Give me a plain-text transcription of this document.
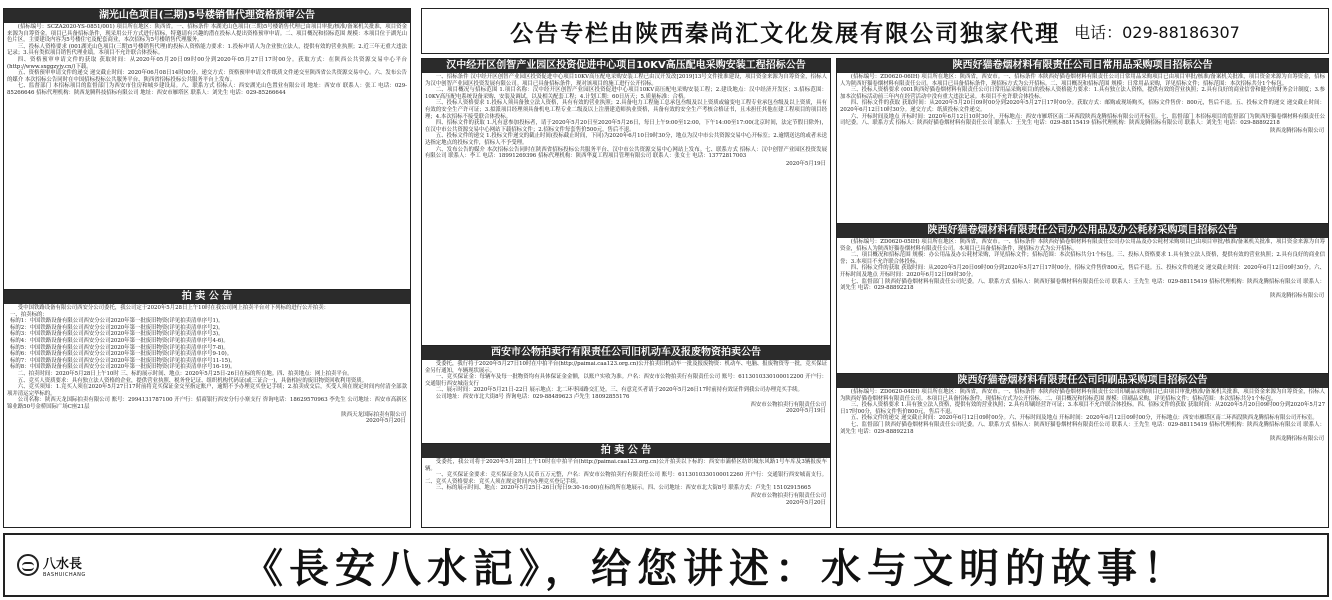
湖光山色项目(三期)5号楼销售代理资格预审公告

(招标编号：SCZA2020-YS-0851/001) 项目所在地区：陕西省。一、招标条件 本湖光山色项目(三期)5号楼销售代理已由项目审批/核准/备案机关批准，项目资金来源为自筹资金。项目已具备招标条件，现采用公开方式进行招标，特邀请有兴趣的潜在投标人提出资格预审申请。二、项目概况和招标范围 规模：本项目位于湖光山色片区，主要建设内容为5号楼住宅及配套商业，本次招标为5号楼销售代理服务。

三、投标人资格要求 (001湖光山色项目(三期)5号楼销售代理)的投标人资格能力要求：1.投标申请人为企业独立法人，提供有效的营业执照；2.近三年无重大违法记录；3.具有类似项目销售代理业绩。本项目不允许联合体投标。

四、资格预审申请文件的获取 获取时间：从2020年05月20日09时00分到2020年05月27日17时00分。获取方式：在陕西公共资源交易中心平台(http://www.sxggzyjy.cn/)下载。

五、资格预审申请文件的递交 递交截止时间：2020年06月08日14时00分。递交方式：资格预审申请文件纸质文件递交至陕西省公共资源交易中心。六、发布公告的媒介 本次招标公告同时在中国招标投标公共服务平台、陕西省招标投标公共服务平台上发布。

七、监督部门 本招标项目的监督部门为西安市住房和城乡建设局。八、联系方式 招标人：西安湖光山色置业有限公司 地址：西安市 联系人：张工 电话：029-85266646 招标代理机构：陕西龙腾科技招标有限公司 地址：西安市雁塔区 联系人：刘先生 电话：029-85266644

拍 卖 公 告

受中国铁路设备有限公司西安分公司委托，我公司定于2020年5月28日上午10时在我公司网上拍卖平台对下列标的进行公开拍卖：

一、拍卖标的：
标的1：中国铁路设备有限公司西安分公司2020年第一批废旧物资(详见拍卖清单序号1)。
标的2：中国铁路设备有限公司西安分公司2020年第一批废旧物资(详见拍卖清单序号2)。
标的3：中国铁路设备有限公司西安分公司2020年第一批废旧物资(详见拍卖清单序号3)。
标的4：中国铁路设备有限公司西安分公司2020年第一批废旧物资(详见拍卖清单序号4-6)。
标的5：中国铁路设备有限公司西安分公司2020年第一批废旧物资(详见拍卖清单序号7-8)。
标的6：中国铁路设备有限公司西安分公司2020年第一批废旧物资(详见拍卖清单序号9-10)。
标的7：中国铁路设备有限公司西安分公司2020年第一批废旧物资(详见拍卖清单序号11-15)。
标的8：中国铁路设备有限公司西安分公司2020年第一批废旧物资(详见拍卖清单序号16-19)。

二、拍卖时间：2020年5月28日上午10时 三、标的展示时间、地点：2020年5月25日-26日在标的所在地。四、拍卖地点：网上拍卖平台。

五、竞买人资质要求：具有独立法人资格的企业，提供营业执照、税务登记证、组织机构代码证(或三证合一)，具备相应的废旧物资回收利用资质。

六、竞买须知：1.竞买人须在2020年5月27日17时前将竞买保证金交至指定账户，逾期不予办理竞买登记手续；2.拍卖成交后，买受人须在规定时间内付清全部款项并清运完毕标的。

公司名称：陕西天龙国际拍卖有限公司 账号：2994131787100 开户行：招商银行西安分行小寨支行 咨询电话：18629570963 李先生 公司地址：西安市高新区锦业路50号金桥国际广场C座21层

陕西天龙国际拍卖有限公司
2020年5月20日
公告专栏由陕西秦尚汇文化发展有限公司独家代理 电话：029-88186307
汉中经开区创智产业园区投资促进中心项目10KV高压配电采购安装工程招标公告

一、招标条件 汉中经开区创智产业园区投资促进中心项目10KV高压配电采购安装工程已由汉开发改[2019]13号文件批准建设，项目资金来源为自筹资金，招标人为汉中创智产业园区投资发展有限公司。项目已具备招标条件，现对该项目的施工进行公开招标。

二、项目概况与招标范围 1.项目名称：汉中经开区创智产业园区投资促进中心项目10KV高压配电采购安装工程；2.建设地点：汉中经济开发区；3.招标范围：10KV高压配电系统设备采购、安装及调试，以及相关配套工程；4.计划工期：60日历天；5.质量标准：合格。

三、投标人资格要求 1.投标人须具备独立法人资格，具有有效的营业执照；2.具备电力工程施工总承包叁级及以上资质或输变电工程专业承包叁级及以上资质，具有有效的安全生产许可证；3.拟派项目经理须具备机电工程专业二级及以上注册建造师执业资格，具备有效的安全生产考核合格证书，且未担任其他在建工程项目的项目经理；4.本次招标不接受联合体投标。

四、招标文件的获取 1.凡有意参加投标者，请于2020年5月20日至2020年5月26日，每日上午9:00至12:00，下午14:00至17:00(北京时间，法定节假日除外)，在汉中市公共资源交易中心网站下载招标文件；2.招标文件每套售价500元，售后不退。

五、投标文件的递交 1.投标文件递交的截止时间(投标截止时间，下同)为2020年6月10日9时30分，地点为汉中市公共资源交易中心开标室；2.逾期送达的或者未送达指定地点的投标文件，招标人不予受理。

六、发布公告的媒介 本次招标公告同时在陕西省招标投标公共服务平台、汉中市公共资源交易中心网站上发布。七、联系方式 招标人：汉中创智产业园区投资发展有限公司 联系人：李工 电话：18991269396 招标代理机构：陕西华夏工程项目管理有限公司 联系人：张女士 电话：13772817003

2020年5月19日
西安市公物拍卖行有限责任公司旧机动车及报废物资拍卖公告

受委托，我行将于2020年5月27日10时在中拍平台(http://paimai.caa123.org.cn)公开拍卖旧机动车一批及报废物资：机动车、电脑、报废物资等一批，竞买保证金另行通知，车辆现状展示。

一、竞买保证金：每辆车及每一批物资均有具体保证金金额，以账户实收为准。户名：西安市公物拍卖行有限责任公司 账号：6113010330100012200 开户行：交通银行西安城南支行

二、展示时间：2020年5月21日-22日 展示地点：北二环枣园路交汇处。三、有意竞买者请于2020年5月26日17时前持有效证件到我公司办理竞买手续。

公司地址：西安市北大街8号 咨询电话：029-88489623 卢先生 18092855176

西安市公物拍卖行有限责任公司
2020年5月19日
拍 卖 公 告

受委托，我公司将于2020年5月28日上午10时在中拍平台(http://paimai.caa123.org.cn)公开拍卖以下标的：西安市灞桥区纺织城东风路1号车库及3辆报废车辆。

一、竞买保证金要求：竞买保证金为人民币五万元整，户名：西安市公物拍卖行有限责任公司 账号：6113010330100012260 开户行：交通银行西安城南支行。二、竞买人资格要求：竞买人须在规定时间内办理竞买登记手续。

三、标的展示时间、地点：2020年5月25日-26日(每日9:30-16:00)在标的所在地展示。四、公司地址：西安市北大街8号 联系方式：卢先生 15102915665

西安市公物拍卖行有限责任公司
2020年5月20日
陕西好猫卷烟材料有限责任公司日常用品采购项目招标公告

(招标编号：ZD0620-06IH) 项目所在地区：陕西省，西安市。一、招标条件 本陕西好猫卷烟材料有限责任公司日常用品采购项目已由项目审批/核准/备案机关批准，项目资金来源为自筹资金，招标人为陕西好猫卷烟材料有限责任公司。本项目已具备招标条件，现招标方式为公开招标。二、项目概况和招标范围 规模：日常用品采购，详见招标文件；招标范围：本次招标共分1个标包。

三、投标人资格要求 (001陕西好猫卷烟材料有限责任公司日常用品采购项目)的投标人资格能力要求：1.具有独立法人资格，提供有效的营业执照；2.具有良好的商业信誉和健全的财务会计制度；3.参加本次招标活动前三年内在经营活动中没有重大违法记录。本项目不允许联合体投标。

四、招标文件的获取 获取时间：从2020年5月20日09时00分到2020年5月27日17时00分。获取方式：邮购或现场购买，招标文件售价：800元，售后不退。五、投标文件的递交 递交截止时间：2020年6月12日10时30分。递交方式：纸质投标文件递交。

六、开标时间及地点 开标时间：2020年6月12日10时30分，开标地点：西安市雁塔区南二环西段陕西龙腾招标有限公司开标室。七、监督部门 本招标项目的监督部门为陕西好猫卷烟材料有限责任公司纪委。八、联系方式 招标人：陕西好猫卷烟材料有限责任公司 联系人：王先生 电话：029-88115419 招标代理机构：陕西龙腾招标有限公司 联系人：刘先生 电话：029-88892218

陕西龙腾招标有限公司
陕西好猫卷烟材料有限责任公司办公用品及办公耗材采购项目招标公告

(招标编号：ZD0620-05IH) 项目所在地区：陕西省，西安市。一、招标条件 本陕西好猫卷烟材料有限责任公司办公用品及办公耗材采购项目已由项目审批/核准/备案机关批准，项目资金来源为自筹资金，招标人为陕西好猫卷烟材料有限责任公司。本项目已具备招标条件，现招标方式为公开招标。

二、项目概况和招标范围 规模：办公用品及办公耗材采购，详见招标文件；招标范围：本次招标共分1个标包。三、投标人资格要求 1.具有独立法人资格，提供有效的营业执照；2.具有良好的商业信誉；3.本项目不允许联合体投标。

四、招标文件的获取 获取时间：从2020年5月20日09时00分到2020年5月27日17时00分，招标文件售价800元，售后不退。五、投标文件的递交 递交截止时间：2020年6月12日09时30分。六、开标时间及地点 开标时间：2020年6月12日09时30分。

七、监督部门 陕西好猫卷烟材料有限责任公司纪委。八、联系方式 招标人：陕西好猫卷烟材料有限责任公司 联系人：王先生 电话：029-88115419 招标代理机构：陕西龙腾招标有限公司 联系人：刘先生 电话：029-88892218

陕西龙腾招标有限公司
陕西好猫卷烟材料有限责任公司印刷品采购项目招标公告

(招标编号：ZD0620-04IH) 项目所在地区：陕西省，西安市。一、招标条件 本陕西好猫卷烟材料有限责任公司印刷品采购项目已由项目审批/核准/备案机关批准，项目资金来源为自筹资金，招标人为陕西好猫卷烟材料有限责任公司。本项目已具备招标条件，现招标方式为公开招标。二、项目概况和招标范围 规模：印刷品采购，详见招标文件；招标范围：本次招标共分1个标包。

三、投标人资格要求 1.具有独立法人资格，提供有效的营业执照；2.具有印刷经营许可证；3.本项目不允许联合体投标。四、招标文件的获取 获取时间：从2020年5月20日09时00分到2020年5月27日17时00分，招标文件售价800元，售后不退。

五、投标文件的递交 递交截止时间：2020年6月12日09时00分。六、开标时间及地点 开标时间：2020年6月12日09时00分，开标地点：西安市雁塔区南二环西段陕西龙腾招标有限公司开标室。

七、监督部门 陕西好猫卷烟材料有限责任公司纪委。八、联系方式 招标人：陕西好猫卷烟材料有限责任公司 联系人：王先生 电话：029-88115419 招标代理机构：陕西龙腾招标有限公司 联系人：刘先生 电话：029-88892218

陕西龙腾招标有限公司
八水長
BASHUICHANG	《長安八水記》，给您讲述：水与文明的故事！
